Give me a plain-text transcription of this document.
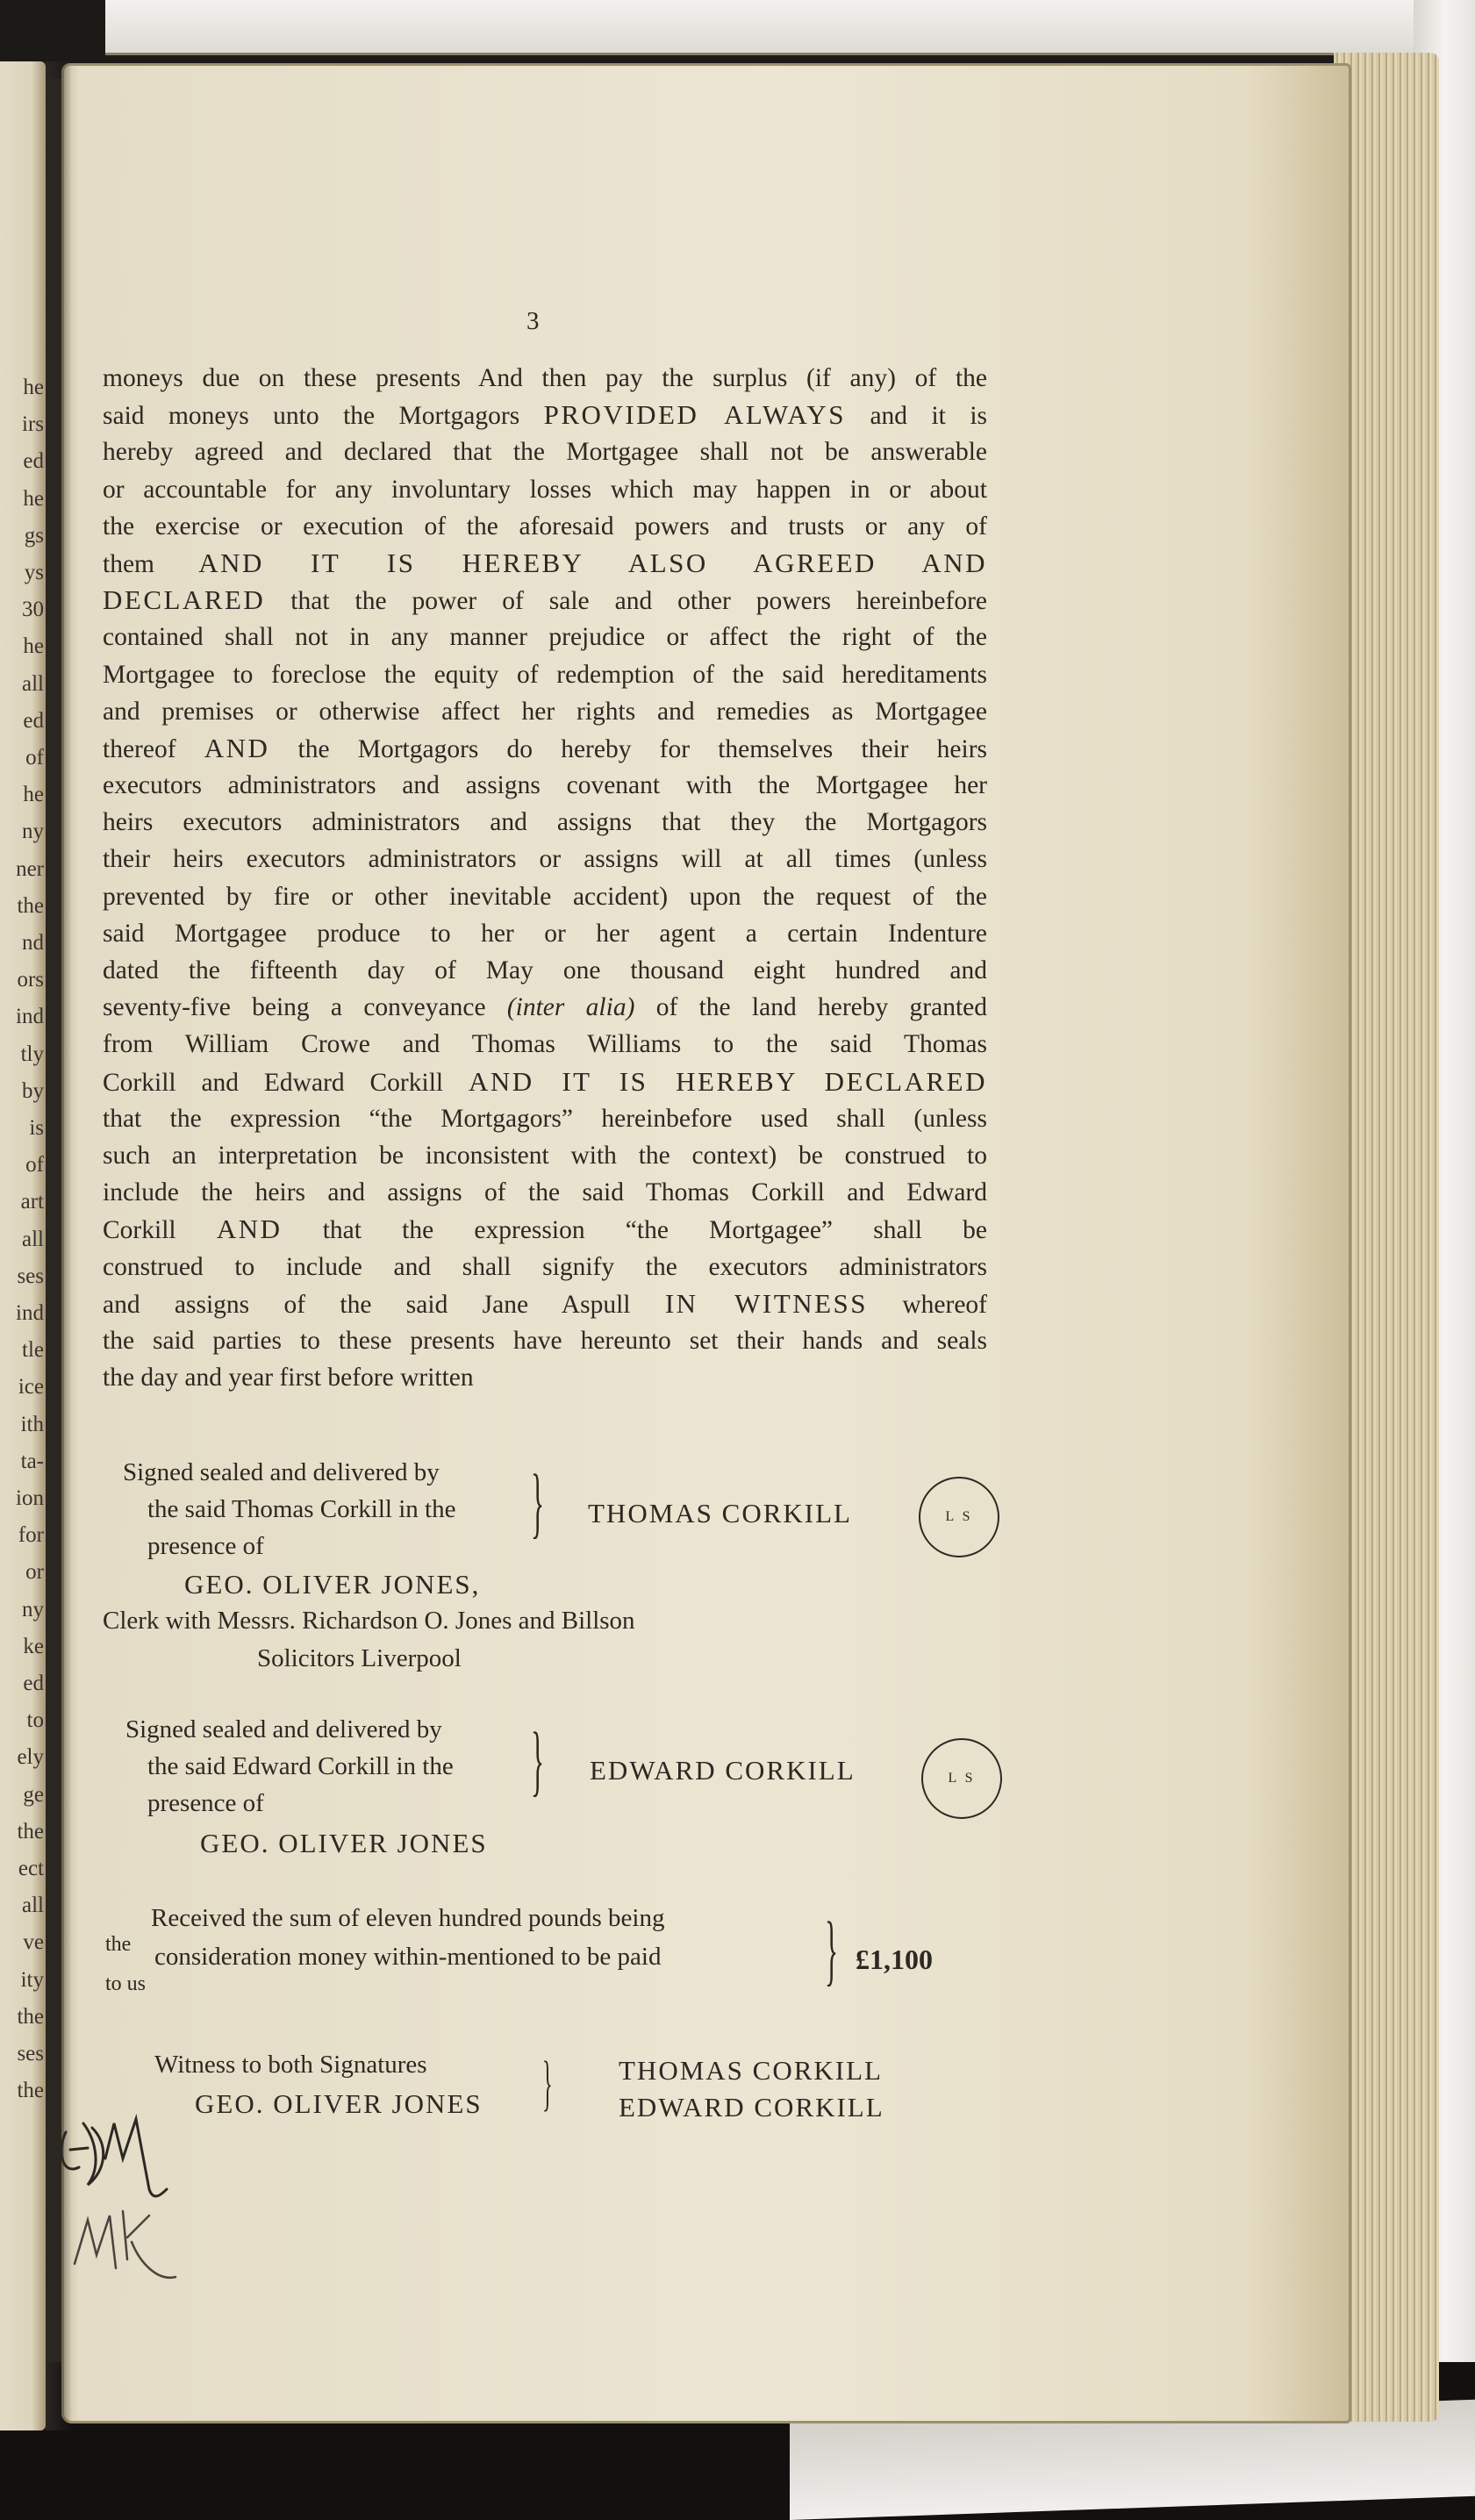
he
irs
ed
he
gs
ys
30
he
all
ed
of
he
ny
ner
the
nd
ors
ind
tly
by
is
of
art
all
ses
ind
tle
ice
ith
ta-
ion
for
or
ny
ke
ed
to
ely
ge
the
ect
all
ve
ity
the
ses
the
3
moneys due on these presents And then pay the surplus (if any) of the
said moneys unto the Mortgagors PROVIDED ALWAYS and it is
hereby agreed and declared that the Mortgagee shall not be answerable
or accountable for any involuntary losses which may happen in or about
the exercise or execution of the aforesaid powers and trusts or any of
them AND IT IS HEREBY ALSO AGREED AND
DECLARED that the power of sale and other powers hereinbefore
contained shall not in any manner prejudice or affect the right of the
Mortgagee to foreclose the equity of redemption of the said hereditaments
and premises or otherwise affect her rights and remedies as Mortgagee
thereof AND the Mortgagors do hereby for themselves their heirs
executors administrators and assigns covenant with the Mortgagee her
heirs executors administrators and assigns that they the Mortgagors
their heirs executors administrators or assigns will at all times (unless
prevented by fire or other inevitable accident) upon the request of the
said Mortgagee produce to her or her agent a certain Indenture
dated the fifteenth day of May one thousand eight hundred and
seventy-five being a conveyance (inter alia) of the land hereby granted
from William Crowe and Thomas Williams to the said Thomas
Corkill and Edward Corkill AND IT IS HEREBY DECLARED
that the expression “the Mortgagors” hereinbefore used shall (unless
such an interpretation be inconsistent with the context) be construed to
include the heirs and assigns of the said Thomas Corkill and Edward
Corkill AND that the expression “the Mortgagee” shall be
construed to include and shall signify the executors administrators
and assigns of the said Jane Aspull IN WITNESS whereof
the said parties to these presents have hereunto set their hands and seals
the day and year first before written
Signed sealed and delivered by
the said Thomas Corkill in the
presence of	} THOMAS CORKILL	L S
GEO. OLIVER JONES,
Clerk with Messrs. Richardson O. Jones and Billson
Solicitors Liverpool
Signed sealed and delivered by
the said Edward Corkill in the
presence of	} EDWARD CORKILL	L S
GEO. OLIVER JONES
Received the sum of eleven hundred pounds being
the consideration money within-mentioned to be paid
to us	} £1,100
Witness to both Signatures
GEO. OLIVER JONES } THOMAS CORKILL
EDWARD CORKILL
